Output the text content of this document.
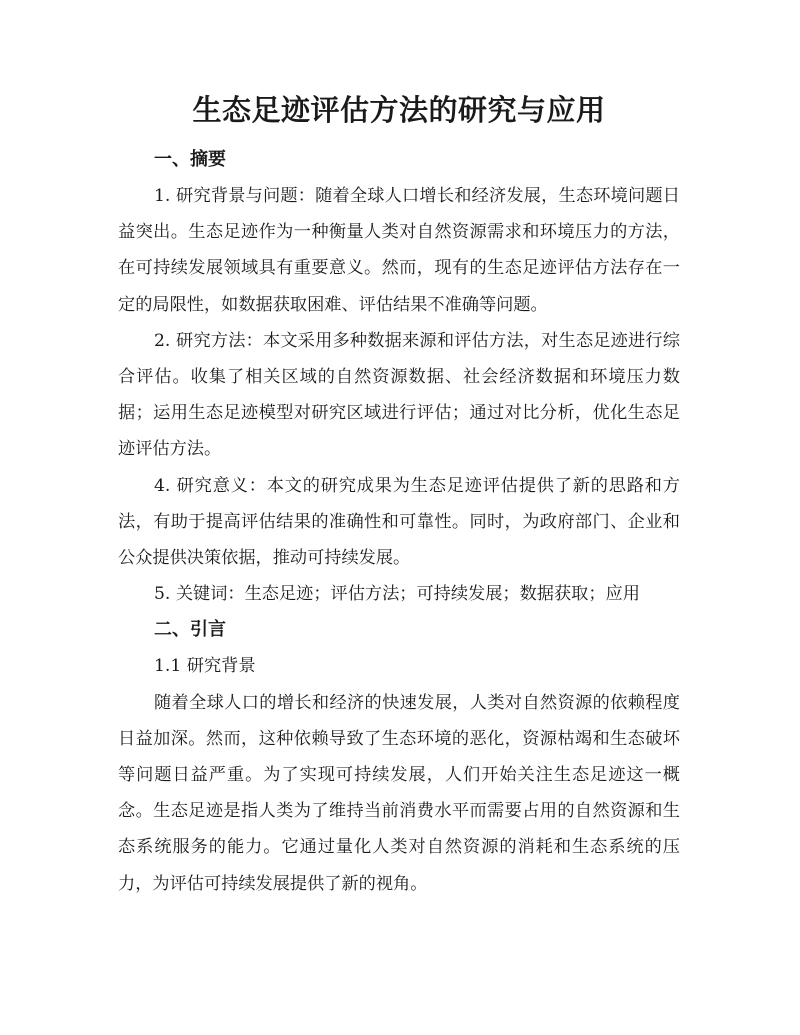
生态足迹评估方法的研究与应用
一、摘要

1. 研究背景与问题：随着全球人口增长和经济发展，生态环境问题日益突出。生态足迹作为一种衡量人类对自然资源需求和环境压力的方法，在可持续发展领域具有重要意义。然而，现有的生态足迹评估方法存在一定的局限性，如数据获取困难、评估结果不准确等问题。

2. 研究方法：本文采用多种数据来源和评估方法，对生态足迹进行综合评估。收集了相关区域的自然资源数据、社会经济数据和环境压力数据；运用生态足迹模型对研究区域进行评估；通过对比分析，优化生态足迹评估方法。

4. 研究意义：本文的研究成果为生态足迹评估提供了新的思路和方法，有助于提高评估结果的准确性和可靠性。同时，为政府部门、企业和公众提供决策依据，推动可持续发展。

5. 关键词：生态足迹；评估方法；可持续发展；数据获取；应用

二、引言

1.1 研究背景

随着全球人口的增长和经济的快速发展，人类对自然资源的依赖程度日益加深。然而，这种依赖导致了生态环境的恶化，资源枯竭和生态破坏等问题日益严重。为了实现可持续发展，人们开始关注生态足迹这一概念。生态足迹是指人类为了维持当前消费水平而需要占用的自然资源和生态系统服务的能力。它通过量化人类对自然资源的消耗和生态系统的压力，为评估可持续发展提供了新的视角。
